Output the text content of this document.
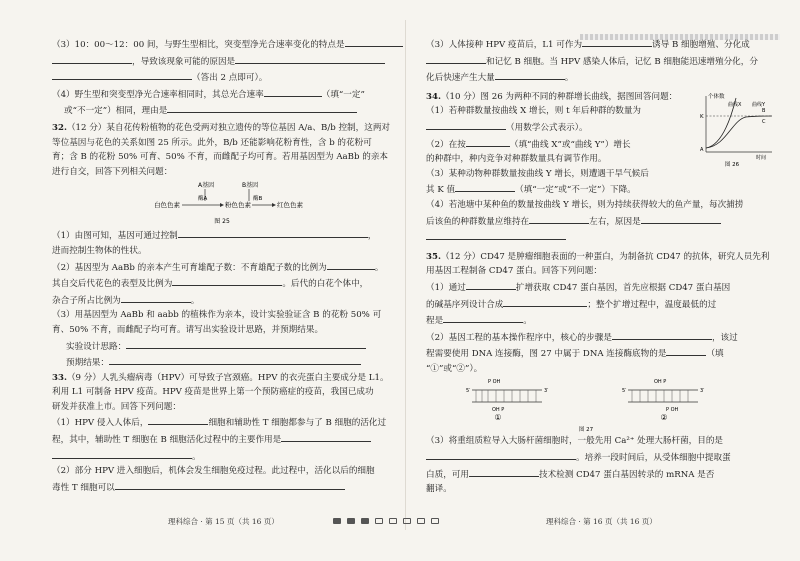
（3）10：00～12：00 间，与野生型相比，突变型净光合速率变化的特点是

，导致该现象可能的原因是

（答出 2 点即可）。

（4）野生型和突变型净光合速率相同时，其总光合速率	（填“一定”

或“不一定”）相同，理由是

32.（12 分）某自花传粉植物的花色受两对独立遗传的等位基因 A/a、B/b 控制，这两对

等位基因与花色的关系如图 25 所示。此外，B/b 还能影响花粉育性，含 b 的花粉可

育；含 B 的花粉 50% 可育、50% 不育，而雌配子均可育。若用基因型为 AaBb 的亲本

进行自交，回答下列相关问题：

A基因	B基因
酶A	酶B
白色色素	粉色色素	红色色素
图 25

（1）由图可知，基因可通过控制	，

进而控制生物体的性状。

（2）基因型为 AaBb 的亲本产生可育雄配子数：不育雄配子数的比例为	。

其自交后代花色的表型及比例为	。后代的白花个体中，

杂合子所占比例为	。

（3）用基因型为 AaBb 和 aabb 的植株作为亲本，设计实验验证含 B 的花粉 50% 可

育、50% 不育，而雌配子均可育。请写出实验设计思路，并预期结果。

实验设计思路：

预期结果：

33.（9 分）人乳头瘤病毒（HPV）可导致子宫颈癌。HPV 的衣壳蛋白主要成分是 L1。

利用 L1 可制备 HPV 疫苗。HPV 疫苗是世界上第一个预防癌症的疫苗，我国已成功

研发并获准上市。回答下列问题：

（1）HPV 侵入人体后，	细胞和辅助性 T 细胞都参与了 B 细胞的活化过

程，其中，辅助性 T 细胞在 B 细胞活化过程中的主要作用是

。

（2）部分 HPV 进入细胞后，机体会发生细胞免疫过程。此过程中，活化以后的细胞

毒性 T 细胞可以

（3）人体接种 HPV 疫苗后，L1 可作为	诱导 B 细胞增殖、分化成

和记忆 B 细胞。当 HPV 感染人体后，记忆 B 细胞能迅速增殖分化，分

化后快速产生大量	。

个体数
曲线X 曲线Y
K
A
B
C
时间
图 26

34.（10 分）图 26 为两种不同的种群增长曲线，据图回答问题：

（1）若种群数量按曲线 X 增长，则 t 年后种群的数量为

（用数学公式表示）。

（2）在按	（填“曲线 X”或“曲线 Y”）增长

的种群中，种内竞争对种群数量具有调节作用。

（3）某种动物种群数量按曲线 Y 增长，则遭遇干旱气候后

其 K 值	（填“一定”或“不一定”）下降。

（4）若池塘中某种鱼的数量按曲线 Y 增长，则为持续获得较大的鱼产量，每次捕捞

后该鱼的种群数量应维持在	左右，原因是

35.（12 分）CD47 是肿瘤细胞表面的一种蛋白，为制备抗 CD47 的抗体，研究人员先利

用基因工程制备 CD47 蛋白。回答下列问题：

（1）通过	扩增获取 CD47 蛋白基因，首先应根据 CD47 蛋白基因

的碱基序列设计合成	；整个扩增过程中，温度最低的过

程是	。

（2）基因工程的基本操作程序中，核心的步骤是	，该过

程需要使用 DNA 连接酶，图 27 中属于 DNA 连接酶底物的是	（填

“①”或“②”）。

P OH
5′	3′
OH P
①
OH P
5′	3′
P OH
②
图 27

（3）将重组质粒导入大肠杆菌细胞时，一般先用 Ca²⁺ 处理大肠杆菌，目的是

。培养一段时间后，从受体细胞中提取蛋

白质，可用	技术检测 CD47 蛋白基因转录的 mRNA 是否

翻译。

理科综合 · 第 15 页（共 16 页）	理科综合 · 第 16 页（共 16 页）
